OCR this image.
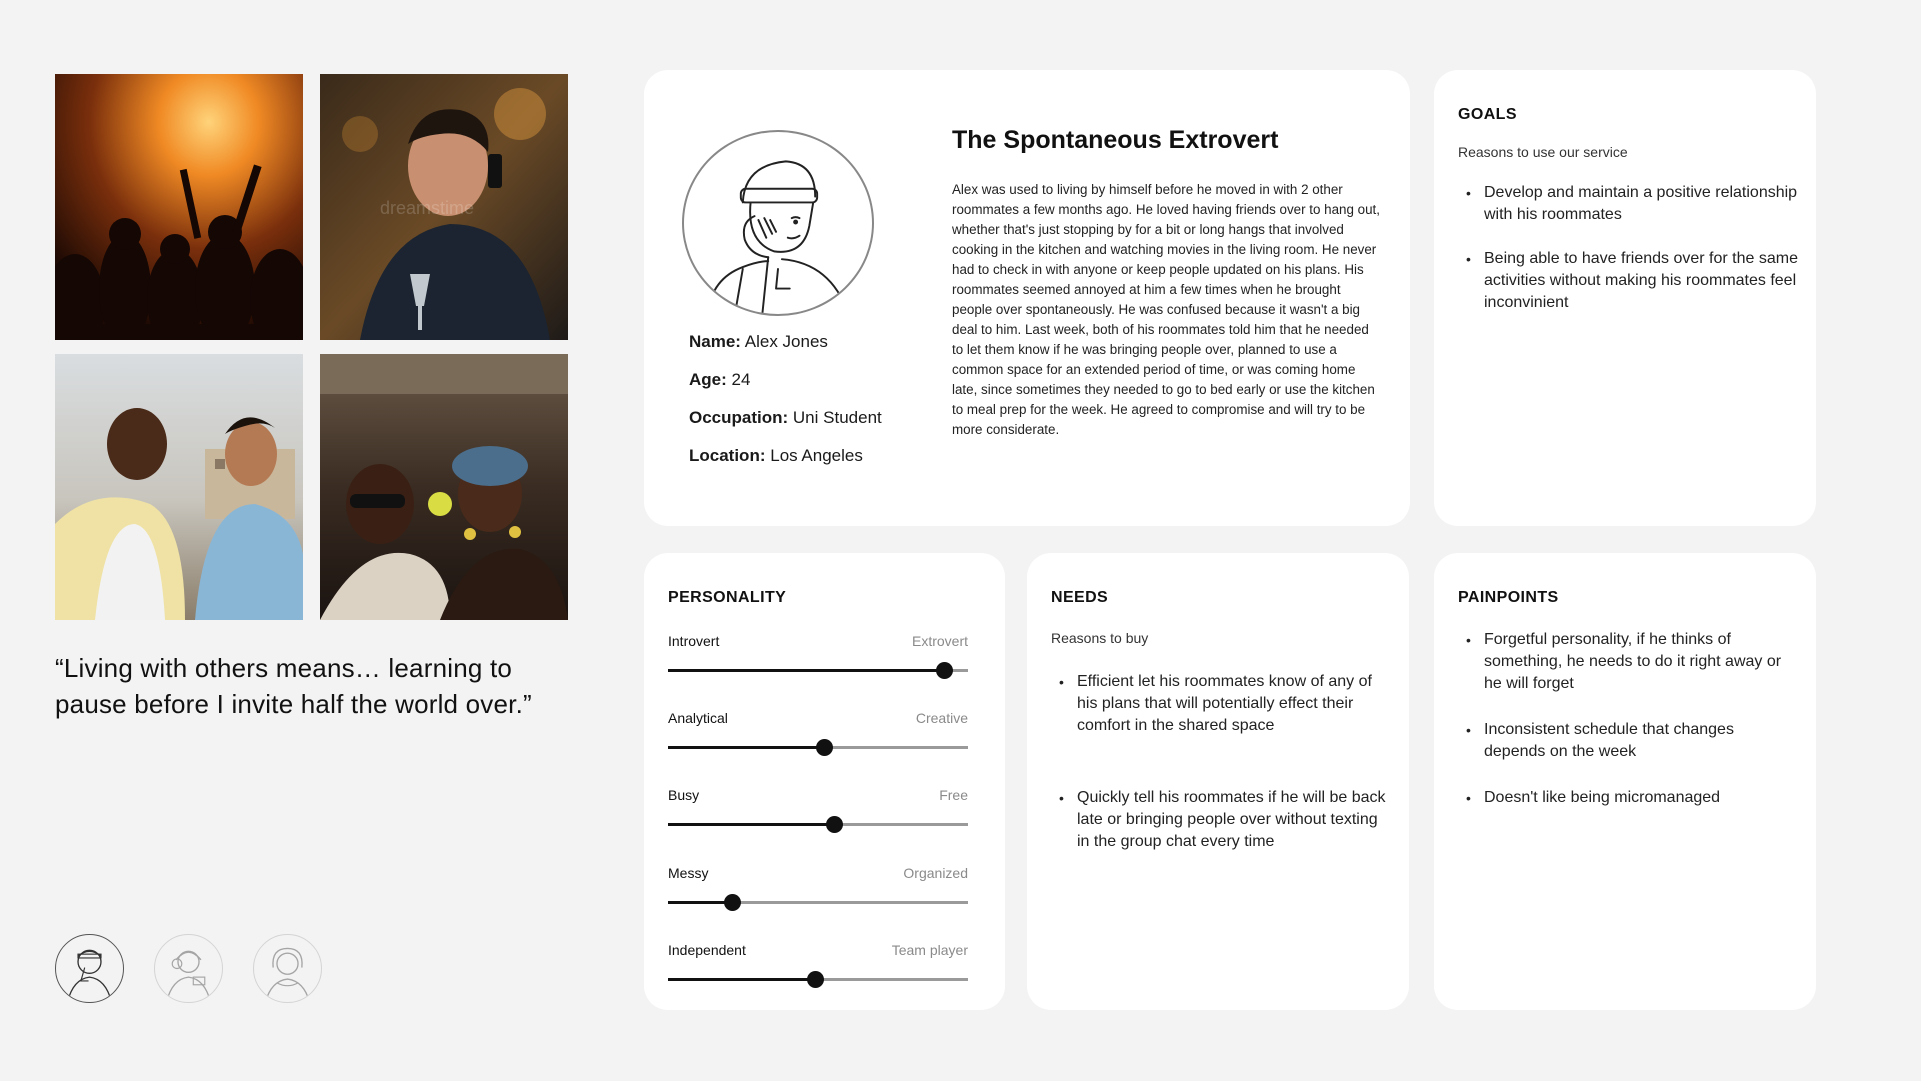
dreamstime
“Living with others means… learning to pause before I invite half the world over.”
Name: Alex Jones
Age: 24
Occupation: Uni Student
Location: Los Angeles
The Spontaneous Extrovert
Alex was used to living by himself before he moved in with 2 other roommates a few months ago. He loved having friends over to hang out, whether that's just stopping by for a bit or long hangs that involved cooking in the kitchen and watching movies in the living room. He never had to check in with anyone or keep people updated on his plans. His roommates seemed annoyed at him a few times when he brought people over spontaneously. He was confused because it wasn't a big deal to him. Last week, both of his roommates told him that he needed to let them know if he was bringing people over, planned to use a common space for an extended period of time, or was coming home late, since sometimes they needed to go to bed early or use the kitchen to meal prep for the week. He agreed to compromise and will try to be more considerate.
GOALS
Reasons to use our service
• Develop and maintain a positive relationship with his roommates
• Being able to have friends over for the same activities without making his roommates feel inconvinient
PERSONALITY
Introvert	Extrovert
Analytical	Creative
Busy	Free
Messy	Organized
Independent	Team player
NEEDS
Reasons to buy
• Efficient let his roommates know of any of his plans that will potentially effect their comfort in the shared space
• Quickly tell his roommates if he will be back late or bringing people over without texting in the group chat every time
PAINPOINTS
• Forgetful personality, if he thinks of something, he needs to do it right away or he will forget
• Inconsistent schedule that changes depends on the week
• Doesn't like being micromanaged
